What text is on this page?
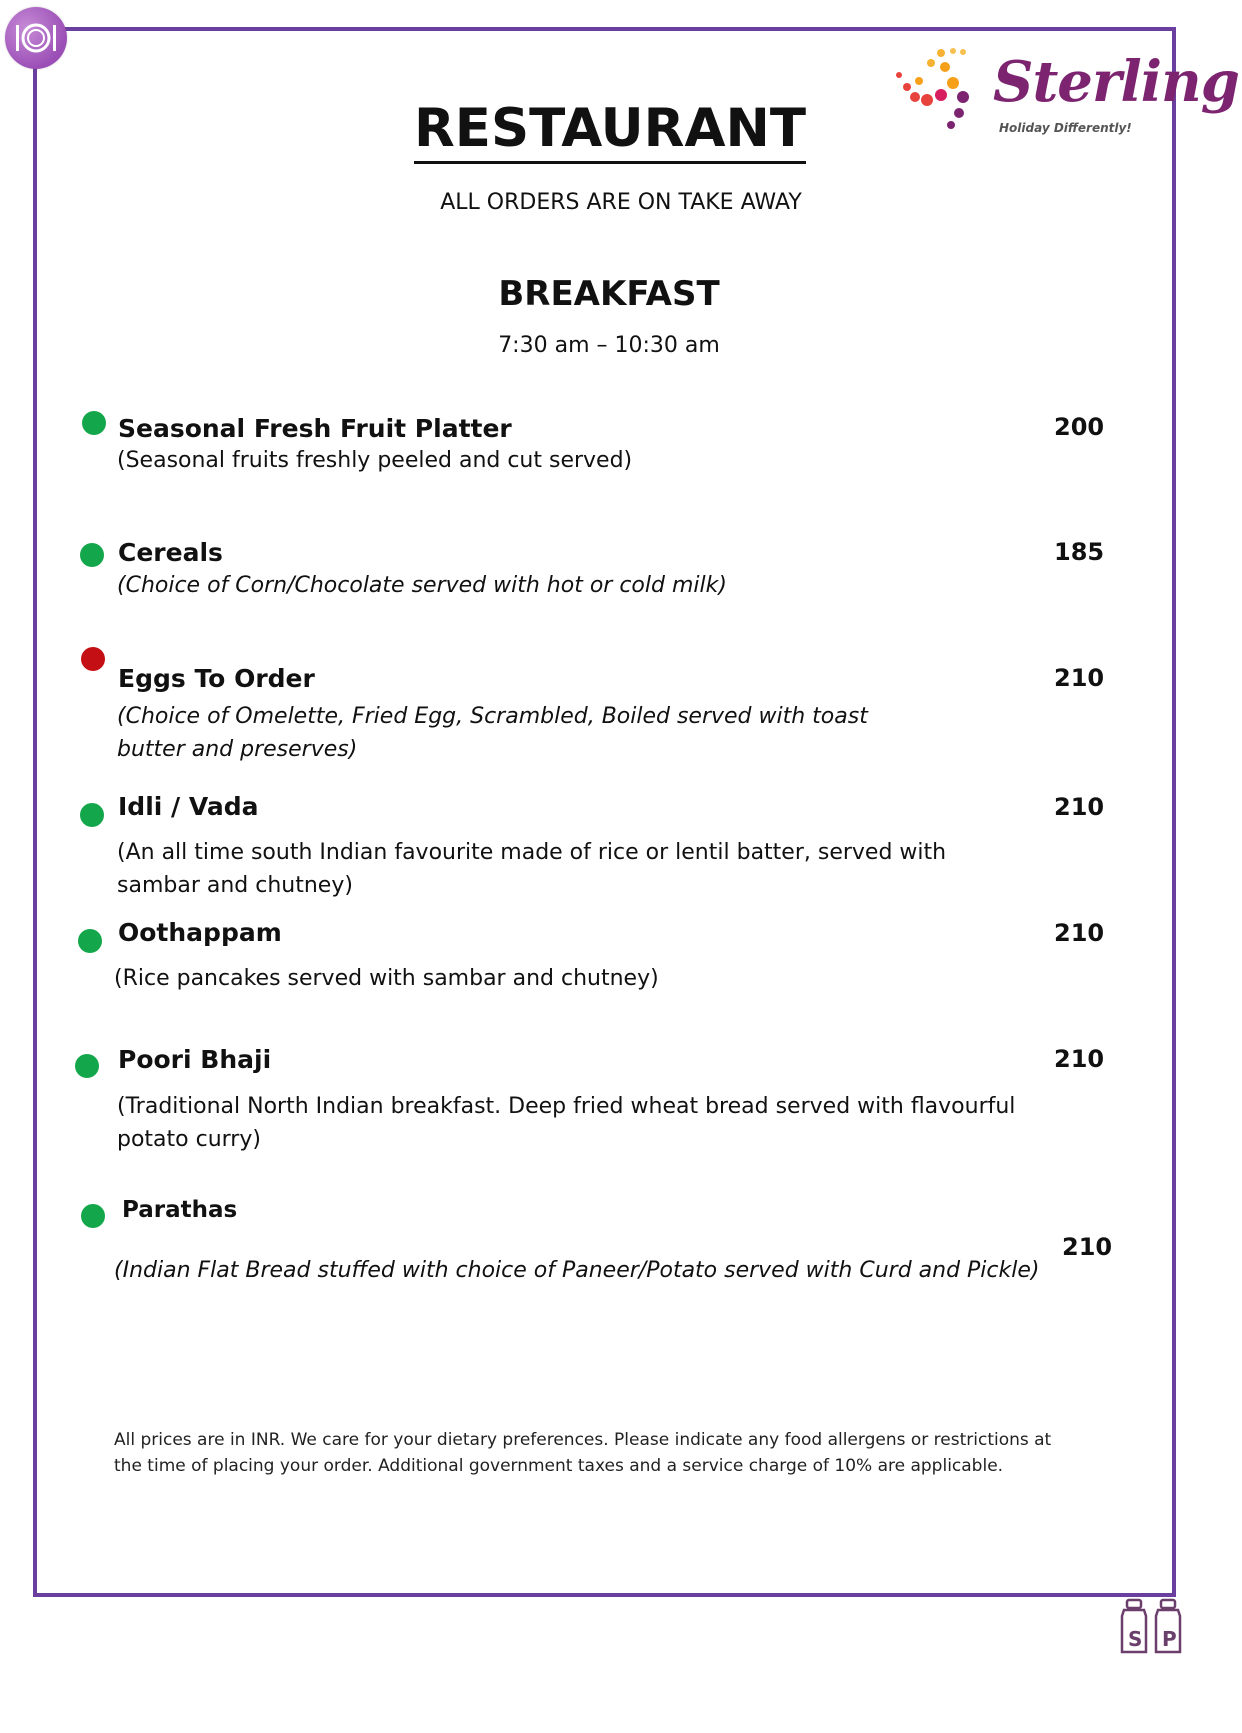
Sterling
Holiday Differently!
RESTAURANT
ALL ORDERS ARE ON TAKE AWAY
BREAKFAST
7:30 am – 10:30 am
Seasonal Fresh Fruit Platter
(Seasonal fruits freshly peeled and cut served)
200
Cereals
(Choice of Corn/Chocolate served with hot or cold milk)
185
Eggs To Order
(Choice of Omelette, Fried Egg, Scrambled, Boiled served with toast butter and preserves)
210
Idli / Vada
(An all time south Indian favourite made of rice or lentil batter, served with sambar and chutney)
210
Oothappam
(Rice pancakes served with sambar and chutney)
210
Poori Bhaji
(Traditional North Indian breakfast. Deep fried wheat bread served with flavourful potato curry)
210
Parathas
(Indian Flat Bread stuffed with choice of Paneer/Potato served with Curd and Pickle)
210
All prices are in INR. We care for your dietary preferences. Please indicate any food allergens or restrictions at the time of placing your order. Additional government taxes and a service charge of 10% are applicable.
S P
